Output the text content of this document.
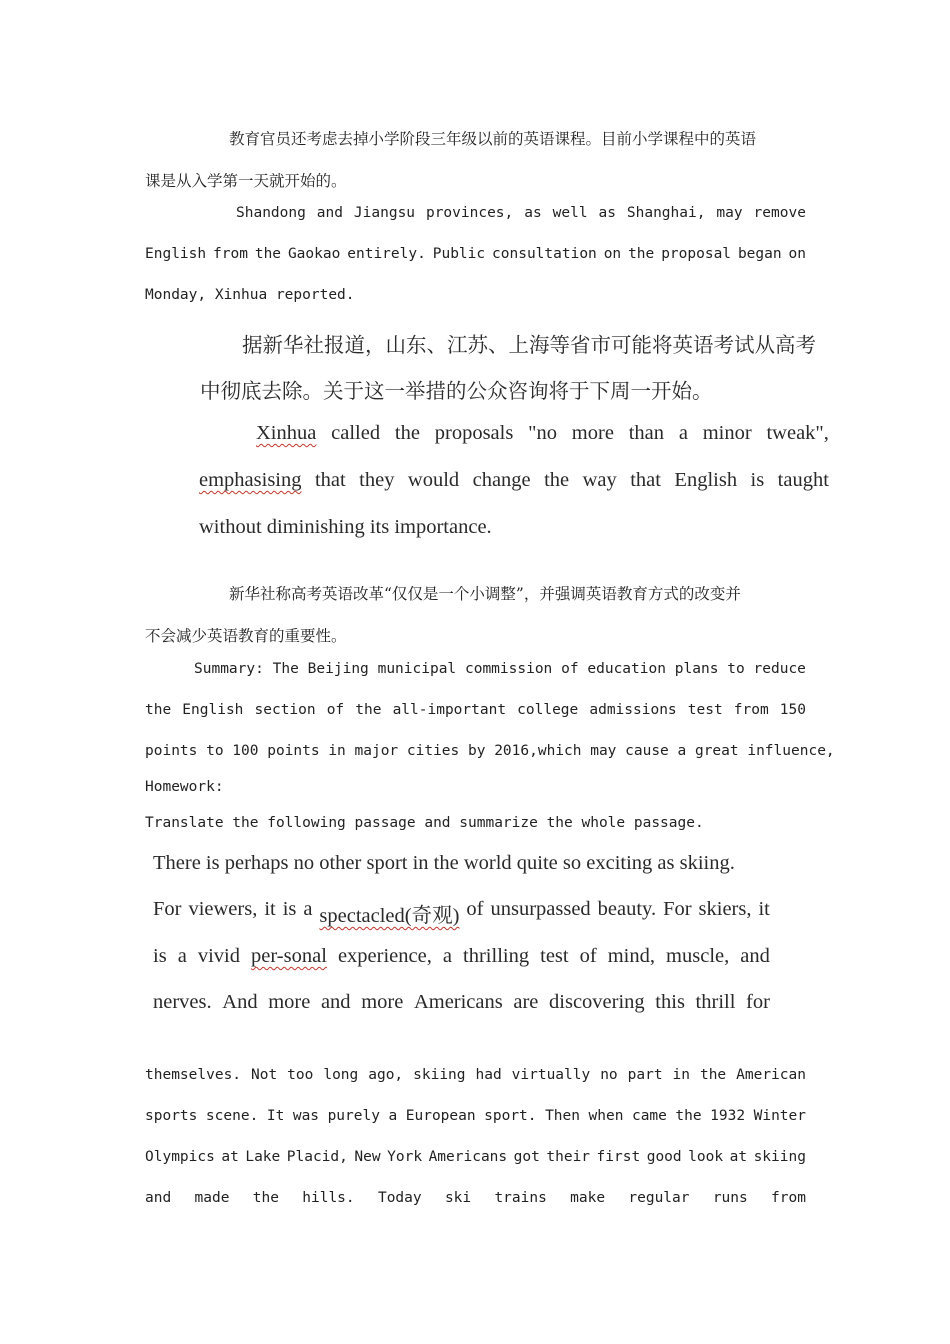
教育官员还考虑去掉小学阶段三年级以前的英语课程。目前小学课程中的英语
课是从入学第一天就开始的。
Shandong and Jiangsu provinces, as well as Shanghai, may remove
English from the Gaokao entirely. Public consultation on the proposal began on
Monday, Xinhua reported.
据新华社报道，山东、江苏、上海等省市可能将英语考试从高考
中彻底去除。关于这一举措的公众咨询将于下周一开始。
Xinhua called the proposals "no more than a minor tweak",
emphasising that they would change the way that English is taught
without diminishing its importance.
新华社称高考英语改革“仅仅是一个小调整”，并强调英语教育方式的改变并
不会减少英语教育的重要性。
Summary: The Beijing municipal commission of education plans to reduce
the English section of the all-important college admissions test from 150
points to 100 points in major cities by 2016,which may cause a great influence,
Homework:
Translate the following passage and summarize the whole passage.
There is perhaps no other sport in the world quite so exciting as skiing.
For viewers, it is a spectacled(奇观) of unsurpassed beauty. For skiers, it
is a vivid per-sonal experience, a thrilling test of mind, muscle, and
nerves. And more and more Americans are discovering this thrill for
themselves. Not too long ago, skiing had virtually no part in the American
sports scene. It was purely a European sport. Then when came the 1932 Winter
Olympics at Lake Placid, New York Americans got their first good look at skiing
and made the hills. Today ski trains make regular runs from
